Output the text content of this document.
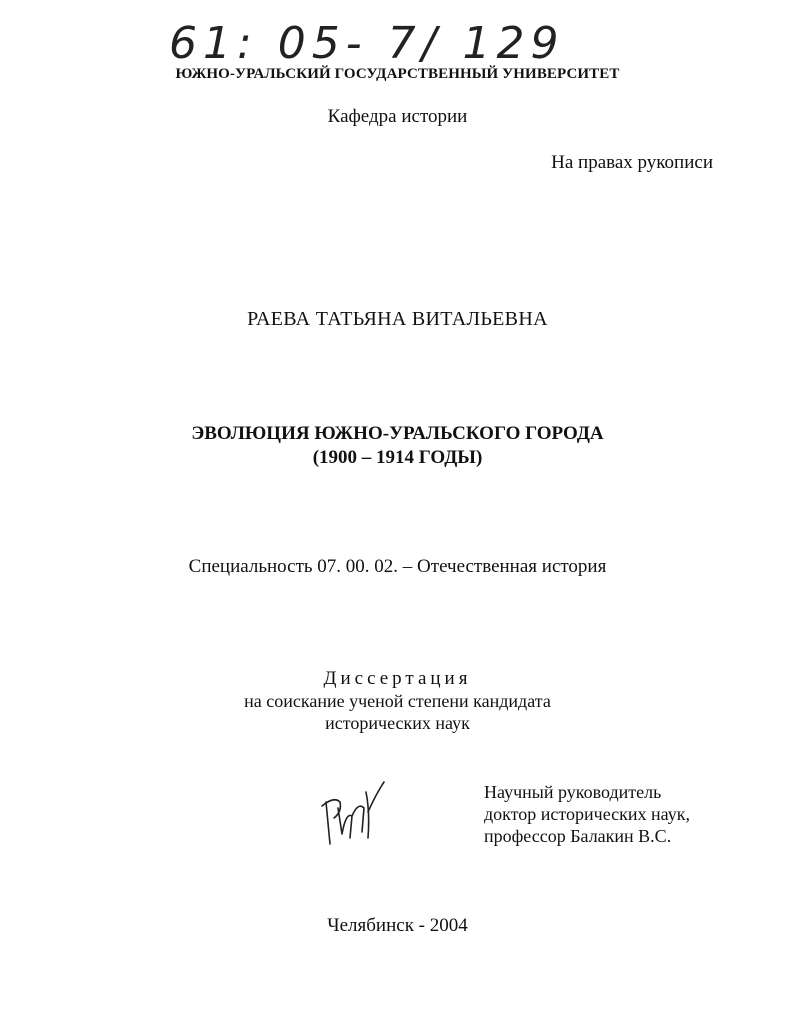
61: 05- 7/ 129
ЮЖНО-УРАЛЬСКИЙ ГОСУДАРСТВЕННЫЙ УНИВЕРСИТЕТ
Кафедра истории
На правах рукописи
РАЕВА ТАТЬЯНА ВИТАЛЬЕВНА
ЭВОЛЮЦИЯ ЮЖНО-УРАЛЬСКОГО ГОРОДА
(1900 – 1914 ГОДЫ)
Специальность 07. 00. 02. – Отечественная история
Диссертация
на соискание ученой степени кандидата
исторических наук
Научный руководитель
доктор исторических наук,
профессор Балакин В.С.
Челябинск - 2004
